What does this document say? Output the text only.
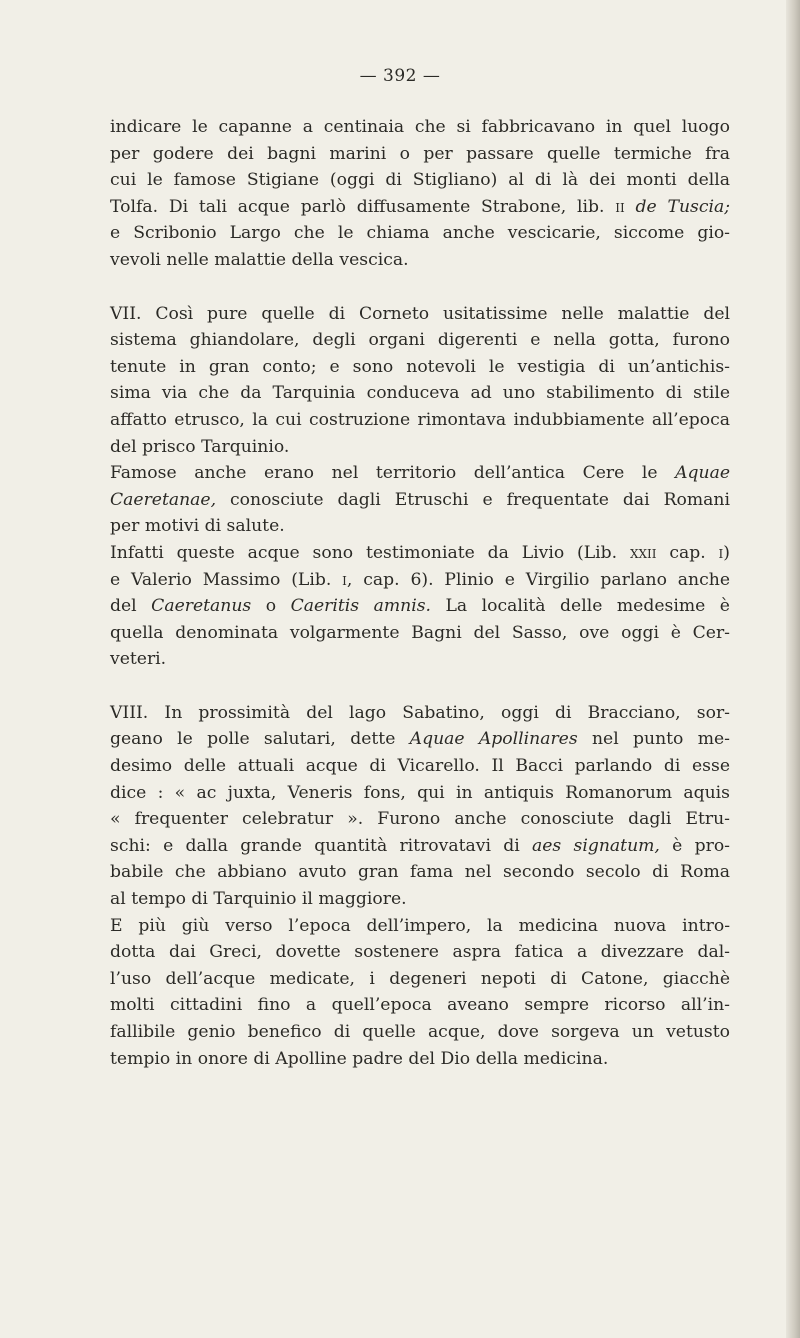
— 392 —
indicare le capanne a centinaia che si fabbricavano in quel luogo
per godere dei bagni marini o per passare quelle termiche fra
cui le famose Stigiane (oggi di Stigliano) al di là dei monti della
Tolfa. Di tali acque parlò diffusamente Strabone, lib. ii de Tuscia;
e Scribonio Largo che le chiama anche vescicarie, siccome gio-
vevoli nelle malattie della vescica.
VII. Così pure quelle di Corneto usitatissime nelle malattie del
sistema ghiandolare, degli organi digerenti e nella gotta, furono
tenute in gran conto; e sono notevoli le vestigia di un’antichis-
sima via che da Tarquinia conduceva ad uno stabilimento di stile
affatto etrusco, la cui costruzione rimontava indubbiamente all’epoca
del prisco Tarquinio.
Famose anche erano nel territorio dell’antica Cere le Aquae
Caeretanae, conosciute dagli Etruschi e frequentate dai Romani
per motivi di salute.
Infatti queste acque sono testimoniate da Livio (Lib. xxii cap. i)
e Valerio Massimo (Lib. i, cap. 6). Plinio e Virgilio parlano anche
del Caeretanus o Caeritis amnis. La località delle medesime è
quella denominata volgarmente Bagni del Sasso, ove oggi è Cer-
veteri.
VIII. In prossimità del lago Sabatino, oggi di Bracciano, sor-
geano le polle salutari, dette Aquae Apollinares nel punto me-
desimo delle attuali acque di Vicarello. Il Bacci parlando di esse
dice : « ac juxta, Veneris fons, qui in antiquis Romanorum aquis
« frequenter celebratur ». Furono anche conosciute dagli Etru-
schi: e dalla grande quantità ritrovatavi di aes signatum, è pro-
babile che abbiano avuto gran fama nel secondo secolo di Roma
al tempo di Tarquinio il maggiore.
E più giù verso l’epoca dell’impero, la medicina nuova intro-
dotta dai Greci, dovette sostenere aspra fatica a divezzare dal-
l’uso dell’acque medicate, i degeneri nepoti di Catone, giacchè
molti cittadini fino a quell’epoca aveano sempre ricorso all’in-
fallibile genio benefico di quelle acque, dove sorgeva un vetusto
tempio in onore di Apolline padre del Dio della medicina.
